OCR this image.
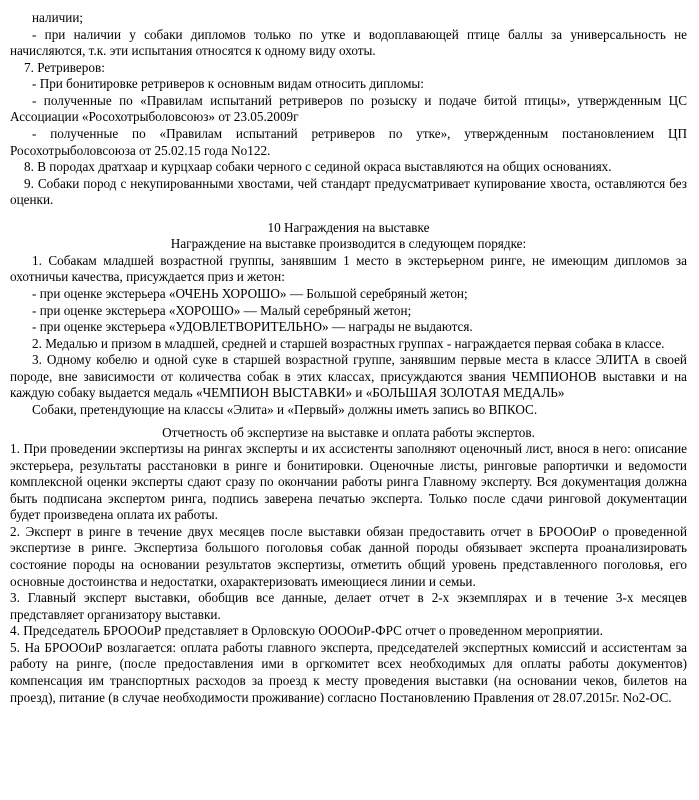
наличии;

- при наличии у собаки дипломов только по утке и водоплавающей птице баллы за универсальность не начисляются, т.к. эти испытания относятся к одному виду охоты.

7. Ретриверов:

- При бонитировке ретриверов к основным видам относить дипломы:

- полученные по «Правилам испытаний ретриверов по розыску и подаче битой птицы», утвержденным ЦС Ассоциации «Росохотрыболовсоюз» от 23.05.2009г

- полученные по «Правилам испытаний ретриверов по утке», утвержденным постановлением ЦП Росохотрыболовсоюза от 25.02.15 года No122.

8. В породах дратхаар и курцхаар собаки черного с сединой окраса выставляются на общих основаниях.

9. Собаки пород с некупированными хвостами, чей стандарт предусматривает купирование хвоста, оставляются без оценки.

10 Награждения на выставке

Награждение на выставке производится в следующем порядке:

1. Собакам младшей возрастной группы, занявшим 1 место в экстерьерном ринге, не имеющим дипломов за охотничьи качества, присуждается приз и жетон:

- при оценке экстерьера «ОЧЕНЬ ХОРОШО» — Большой серебряный жетон;

- при оценке экстерьера «ХОРОШО» — Малый серебряный жетон;

- при оценке экстерьера «УДОВЛЕТВОРИТЕЛЬНО» — награды не выдаются.

2. Медалью и призом в младшей, средней и старшей возрастных группах - награждается первая собака в классе.

3. Одному кобелю и одной суке в старшей возрастной группе, занявшим первые места в классе ЭЛИТА в своей породе, вне зависимости от количества собак в этих классах, присуждаются звания ЧЕМПИОНОВ выставки и на каждую собаку выдается медаль «ЧЕМПИОН ВЫСТАВКИ» и «БОЛЬШАЯ ЗОЛОТАЯ МЕДАЛЬ»

Собаки, претендующие на классы «Элита» и «Первый» должны иметь запись во ВПКОС.

Отчетность об экспертизе на выставке и оплата работы экспертов.

1. При проведении экспертизы на рингах эксперты и их ассистенты заполняют оценочный лист, внося в него: описание экстерьера, результаты расстановки в ринге и бонитировки. Оценочные листы, ринговые рапортички и ведомости комплексной оценки эксперты сдают сразу по окончании работы ринга Главному эксперту. Вся документация должна быть подписана экспертом ринга, подпись заверена печатью эксперта. Только после сдачи ринговой документации будет произведена оплата их работы.

2. Эксперт в ринге в течение двух месяцев после выставки обязан предоставить отчет в БРОООиР о проведенной экспертизе в ринге. Экспертиза большого поголовья собак данной породы обязывает эксперта проанализировать состояние породы на основании результатов экспертизы, отметить общий уровень представленного поголовья, его основные достоинства и недостатки, охарактеризовать имеющиеся линии и семьи.

3. Главный эксперт выставки, обобщив все данные, делает отчет в 2-х экземплярах и в течение 3-х месяцев представляет организатору выставки.

4. Председатель БРОООиР представляет в Орловскую ОOOОиР-ФРС отчет о проведенном мероприятии.

5. На БРОООиР возлагается: оплата работы главного эксперта, председателей экспертных комиссий и ассистентам за работу на ринге, (после предоставления ими в оргкомитет всех необходимых для оплаты работы документов) компенсация им транспортных расходов за проезд к месту проведения выставки (на основании чеков, билетов на проезд), питание (в случае необходимости проживание) согласно Постановлению Правления от 28.07.2015г. No2-ОС.
